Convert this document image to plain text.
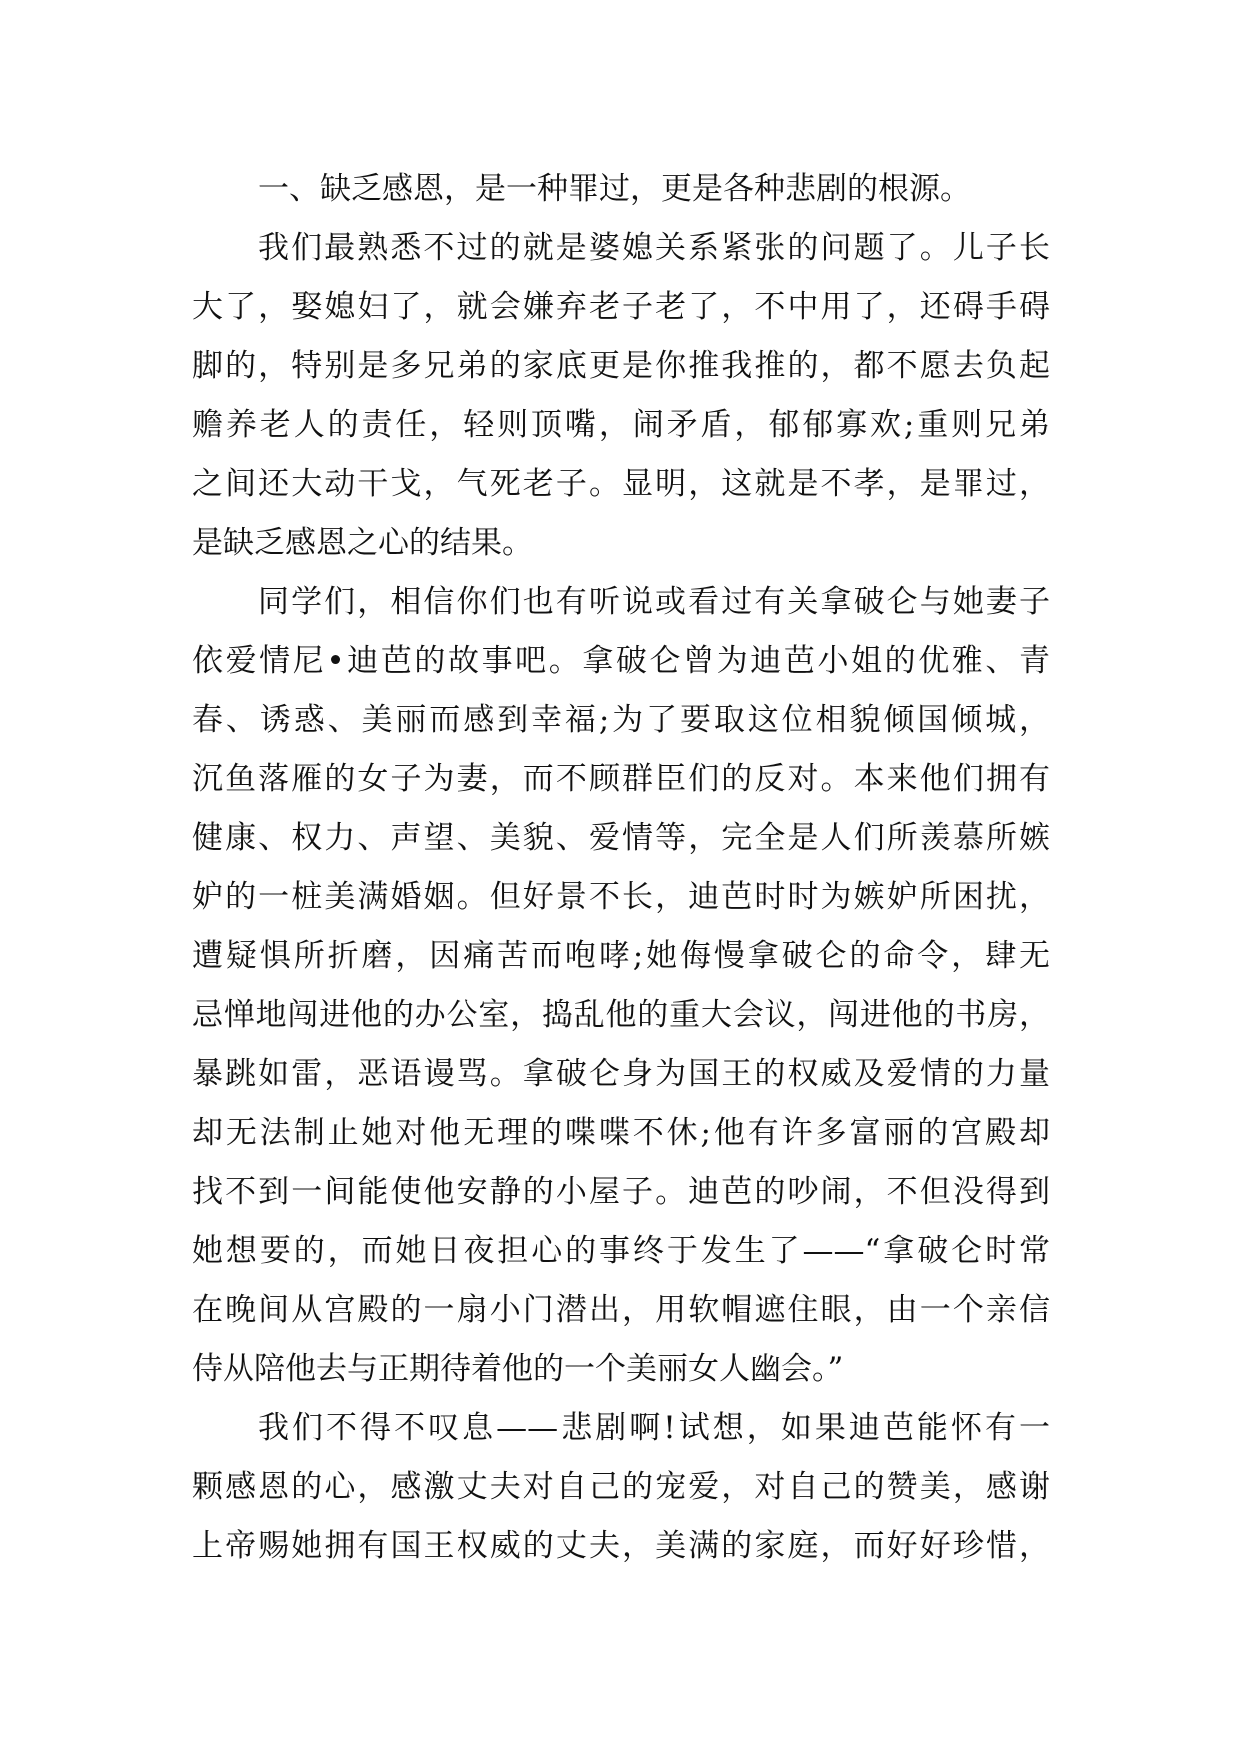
一、缺乏感恩，是一种罪过，更是各种悲剧的根源。
我们最熟悉不过的就是婆媳关系紧张的问题了。儿子长
大了，娶媳妇了，就会嫌弃老子老了，不中用了，还碍手碍
脚的，特别是多兄弟的家底更是你推我推的，都不愿去负起
赡养老人的责任，轻则顶嘴，闹矛盾，郁郁寡欢;重则兄弟
之间还大动干戈，气死老子。显明，这就是不孝，是罪过，
是缺乏感恩之心的结果。
同学们，相信你们也有听说或看过有关拿破仑与她妻子
依爱情尼•迪芭的故事吧。拿破仑曾为迪芭小姐的优雅、青
春、诱惑、美丽而感到幸福;为了要取这位相貌倾国倾城，
沉鱼落雁的女子为妻，而不顾群臣们的反对。本来他们拥有
健康、权力、声望、美貌、爱情等，完全是人们所羡慕所嫉
妒的一桩美满婚姻。但好景不长，迪芭时时为嫉妒所困扰，
遭疑惧所折磨，因痛苦而咆哮;她侮慢拿破仑的命令，肆无
忌惮地闯进他的办公室，捣乱他的重大会议，闯进他的书房，
暴跳如雷，恶语谩骂。拿破仑身为国王的权威及爱情的力量
却无法制止她对他无理的喋喋不休;他有许多富丽的宫殿却
找不到一间能使他安静的小屋子。迪芭的吵闹，不但没得到
她想要的，而她日夜担心的事终于发生了——“拿破仑时常
在晚间从宫殿的一扇小门潜出，用软帽遮住眼，由一个亲信
侍从陪他去与正期待着他的一个美丽女人幽会。”
我们不得不叹息——悲剧啊!试想，如果迪芭能怀有一
颗感恩的心，感激丈夫对自己的宠爱，对自己的赞美，感谢
上帝赐她拥有国王权威的丈夫，美满的家庭，而好好珍惜，
